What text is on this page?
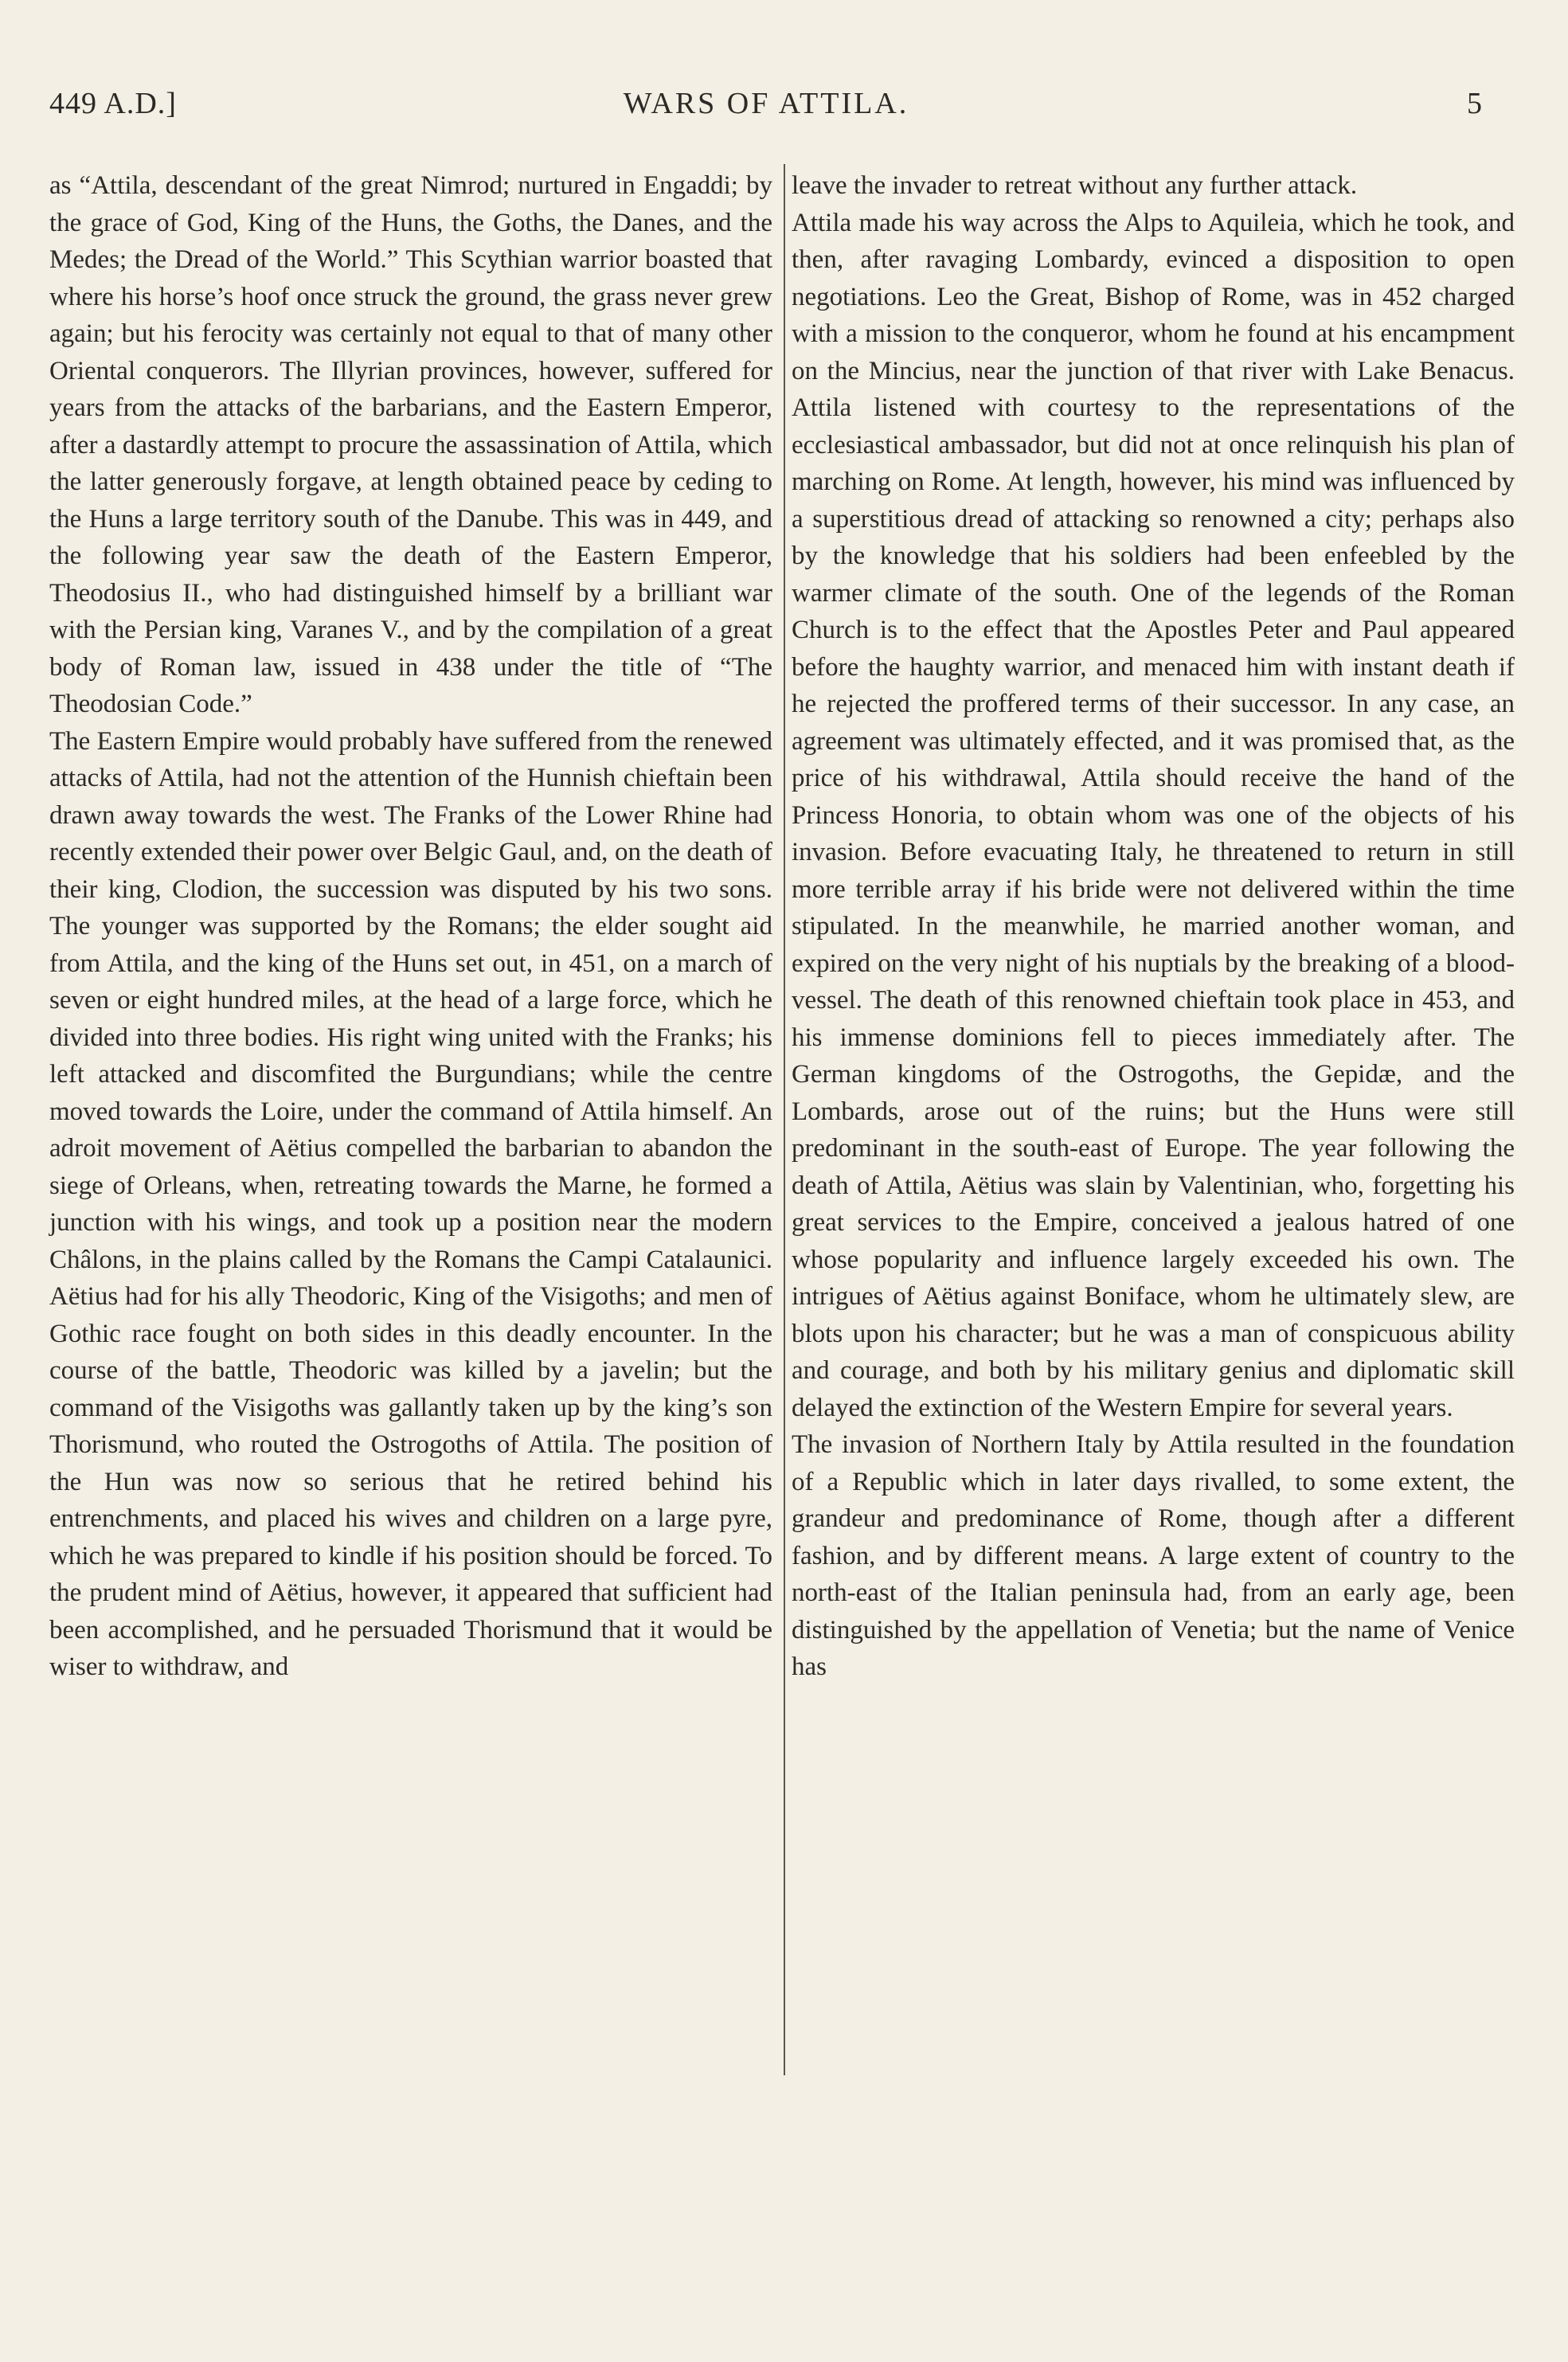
449 A.D.]	WARS OF ATTILA.	5

as “Attila, descendant of the great Nimrod; nurtured in Engaddi; by the grace of God, King of the Huns, the Goths, the Danes, and the Medes; the Dread of the World.” This Scythian warrior boasted that where his horse’s hoof once struck the ground, the grass never grew again; but his ferocity was certainly not equal to that of many other Oriental conquerors. The Illyrian provinces, however, suffered for years from the attacks of the barbarians, and the Eastern Emperor, after a dastardly attempt to procure the assassination of Attila, which the latter generously forgave, at length obtained peace by ceding to the Huns a large territory south of the Danube. This was in 449, and the following year saw the death of the Eastern Emperor, Theodosius II., who had distinguished himself by a brilliant war with the Persian king, Varanes V., and by the compilation of a great body of Roman law, issued in 438 under the title of “The Theodosian Code.”

The Eastern Empire would probably have suffered from the renewed attacks of Attila, had not the attention of the Hunnish chieftain been drawn away towards the west. The Franks of the Lower Rhine had recently extended their power over Belgic Gaul, and, on the death of their king, Clodion, the succession was disputed by his two sons. The younger was supported by the Romans; the elder sought aid from Attila, and the king of the Huns set out, in 451, on a march of seven or eight hundred miles, at the head of a large force, which he divided into three bodies. His right wing united with the Franks; his left attacked and discomfited the Burgundians; while the centre moved towards the Loire, under the command of Attila himself. An adroit movement of Aëtius compelled the barbarian to abandon the siege of Orleans, when, retreating towards the Marne, he formed a junction with his wings, and took up a position near the modern Châlons, in the plains called by the Romans the Campi Catalaunici. Aëtius had for his ally Theodoric, King of the Visigoths; and men of Gothic race fought on both sides in this deadly encounter. In the course of the battle, Theodoric was killed by a javelin; but the command of the Visigoths was gallantly taken up by the king’s son Thorismund, who routed the Ostrogoths of Attila. The position of the Hun was now so serious that he retired behind his entrenchments, and placed his wives and children on a large pyre, which he was prepared to kindle if his position should be forced. To the prudent mind of Aëtius, however, it appeared that sufficient had been accomplished, and he persuaded Thorismund that it would be wiser to withdraw, and

leave the invader to retreat without any further attack.

Attila made his way across the Alps to Aquileia, which he took, and then, after ravaging Lombardy, evinced a disposition to open negotiations. Leo the Great, Bishop of Rome, was in 452 charged with a mission to the conqueror, whom he found at his encampment on the Mincius, near the junction of that river with Lake Benacus. Attila listened with courtesy to the representations of the ecclesiastical ambassador, but did not at once relinquish his plan of marching on Rome. At length, however, his mind was influenced by a superstitious dread of attacking so renowned a city; perhaps also by the knowledge that his soldiers had been enfeebled by the warmer climate of the south. One of the legends of the Roman Church is to the effect that the Apostles Peter and Paul appeared before the haughty warrior, and menaced him with instant death if he rejected the proffered terms of their successor. In any case, an agreement was ultimately effected, and it was promised that, as the price of his withdrawal, Attila should receive the hand of the Princess Honoria, to obtain whom was one of the objects of his invasion. Before evacuating Italy, he threatened to return in still more terrible array if his bride were not delivered within the time stipulated. In the meanwhile, he married another woman, and expired on the very night of his nuptials by the breaking of a blood-vessel. The death of this renowned chieftain took place in 453, and his immense dominions fell to pieces immediately after. The German kingdoms of the Ostrogoths, the Gepidæ, and the Lombards, arose out of the ruins; but the Huns were still predominant in the south-east of Europe. The year following the death of Attila, Aëtius was slain by Valentinian, who, forgetting his great services to the Empire, conceived a jealous hatred of one whose popularity and influence largely exceeded his own. The intrigues of Aëtius against Boniface, whom he ultimately slew, are blots upon his character; but he was a man of conspicuous ability and courage, and both by his military genius and diplomatic skill delayed the extinction of the Western Empire for several years.

The invasion of Northern Italy by Attila resulted in the foundation of a Republic which in later days rivalled, to some extent, the grandeur and predominance of Rome, though after a different fashion, and by different means. A large extent of country to the north-east of the Italian peninsula had, from an early age, been distinguished by the appellation of Venetia; but the name of Venice has
